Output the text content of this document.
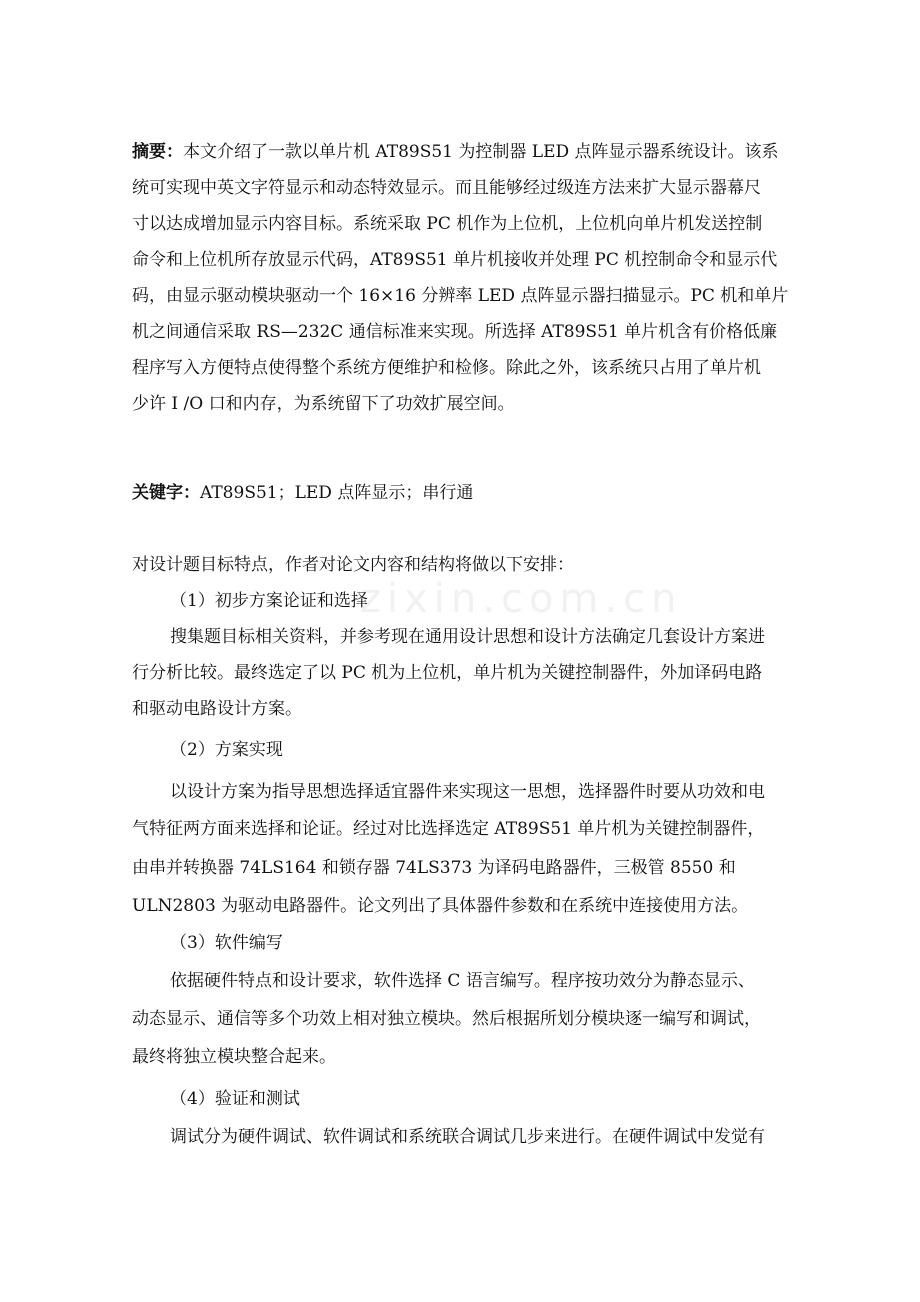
zixin.com.cn
摘要：本文介绍了一款以单片机 AT89S51 为控制器 LED 点阵显示器系统设计。该系
统可实现中英文字符显示和动态特效显示。而且能够经过级连方法来扩大显示器幕尺
寸以达成增加显示内容目标。系统采取 PC 机作为上位机，上位机向单片机发送控制
命令和上位机所存放显示代码，AT89S51 单片机接收并处理 PC 机控制命令和显示代
码，由显示驱动模块驱动一个 16×16 分辨率 LED 点阵显示器扫描显示。PC 机和单片
机之间通信采取 RS—232C 通信标准来实现。所选择 AT89S51 单片机含有价格低廉
程序写入方便特点使得整个系统方便维护和检修。除此之外，该系统只占用了单片机
少许 I /O 口和内存，为系统留下了功效扩展空间。
关键字：AT89S51；LED 点阵显示；串行通
对设计题目标特点，作者对论文内容和结构将做以下安排：
（1）初步方案论证和选择
搜集题目标相关资料，并参考现在通用设计思想和设计方法确定几套设计方案进
行分析比较。最终选定了以 PC 机为上位机，单片机为关键控制器件，外加译码电路
和驱动电路设计方案。
（2）方案实现
以设计方案为指导思想选择适宜器件来实现这一思想，选择器件时要从功效和电
气特征两方面来选择和论证。经过对比选择选定 AT89S51 单片机为关键控制器件，
由串并转换器 74LS164 和锁存器 74LS373 为译码电路器件，三极管 8550 和
ULN2803 为驱动电路器件。论文列出了具体器件参数和在系统中连接使用方法。
（3）软件编写
依据硬件特点和设计要求，软件选择 C 语言编写。程序按功效分为静态显示、
动态显示、通信等多个功效上相对独立模块。然后根据所划分模块逐一编写和调试，
最终将独立模块整合起来。
（4）验证和测试
调试分为硬件调试、软件调试和系统联合调试几步来进行。在硬件调试中发觉有
